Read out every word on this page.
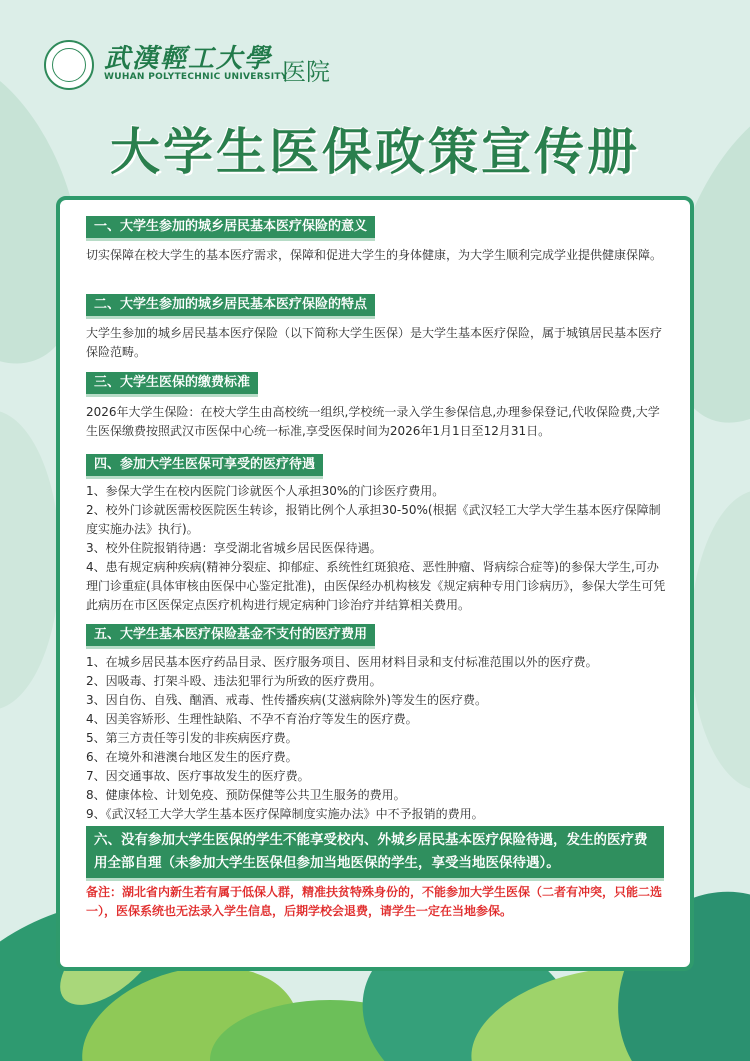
武漢輕工大學
WUHAN POLYTECHNIC UNIVERSITY
医院
大学生医保政策宣传册
一、大学生参加的城乡居民基本医疗保险的意义
切实保障在校大学生的基本医疗需求，保障和促进大学生的身体健康，为大学生顺利完成学业提供健康保障。
二、大学生参加的城乡居民基本医疗保险的特点
大学生参加的城乡居民基本医疗保险（以下简称大学生医保）是大学生基本医疗保险，属于城镇居民基本医疗保险范畴。
三、大学生医保的缴费标准
2026年大学生保险：在校大学生由高校统一组织,学校统一录入学生参保信息,办理参保登记,代收保险费,大学生医保缴费按照武汉市医保中心统一标准,享受医保时间为2026年1月1日至12月31日。
四、参加大学生医保可享受的医疗待遇
1、参保大学生在校内医院门诊就医个人承担30%的门诊医疗费用。
2、校外门诊就医需校医院医生转诊，报销比例个人承担30-50%(根据《武汉轻工大学大学生基本医疗保障制度实施办法》执行)。
3、校外住院报销待遇：享受湖北省城乡居民医保待遇。
4、患有规定病种疾病(精神分裂症、抑郁症、系统性红斑狼疮、恶性肿瘤、肾病综合症等)的参保大学生,可办理门诊重症(具体审核由医保中心鉴定批准)，由医保经办机构核发《规定病种专用门诊病历》，参保大学生可凭此病历在市区医保定点医疗机构进行规定病种门诊治疗并结算相关费用。
五、大学生基本医疗保险基金不支付的医疗费用
1、在城乡居民基本医疗药品目录、医疗服务项目、医用材料目录和支付标准范围以外的医疗费。
2、因吸毒、打架斗殴、违法犯罪行为所致的医疗费用。
3、因自伤、自残、酗酒、戒毒、性传播疾病(艾滋病除外)等发生的医疗费。
4、因美容矫形、生理性缺陷、不孕不育治疗等发生的医疗费。
5、第三方责任等引发的非疾病医疗费。
6、在境外和港澳台地区发生的医疗费。
7、因交通事故、医疗事故发生的医疗费。
8、健康体检、计划免疫、预防保健等公共卫生服务的费用。
9、《武汉轻工大学大学生基本医疗保障制度实施办法》中不予报销的费用。
六、没有参加大学生医保的学生不能享受校内、外城乡居民基本医疗保险待遇，发生的医疗费用全部自理（未参加大学生医保但参加当地医保的学生，享受当地医保待遇）。
备注：湖北省内新生若有属于低保人群，精准扶贫特殊身份的，不能参加大学生医保（二者有冲突，只能二选一），医保系统也无法录入学生信息，后期学校会退费，请学生一定在当地参保。
